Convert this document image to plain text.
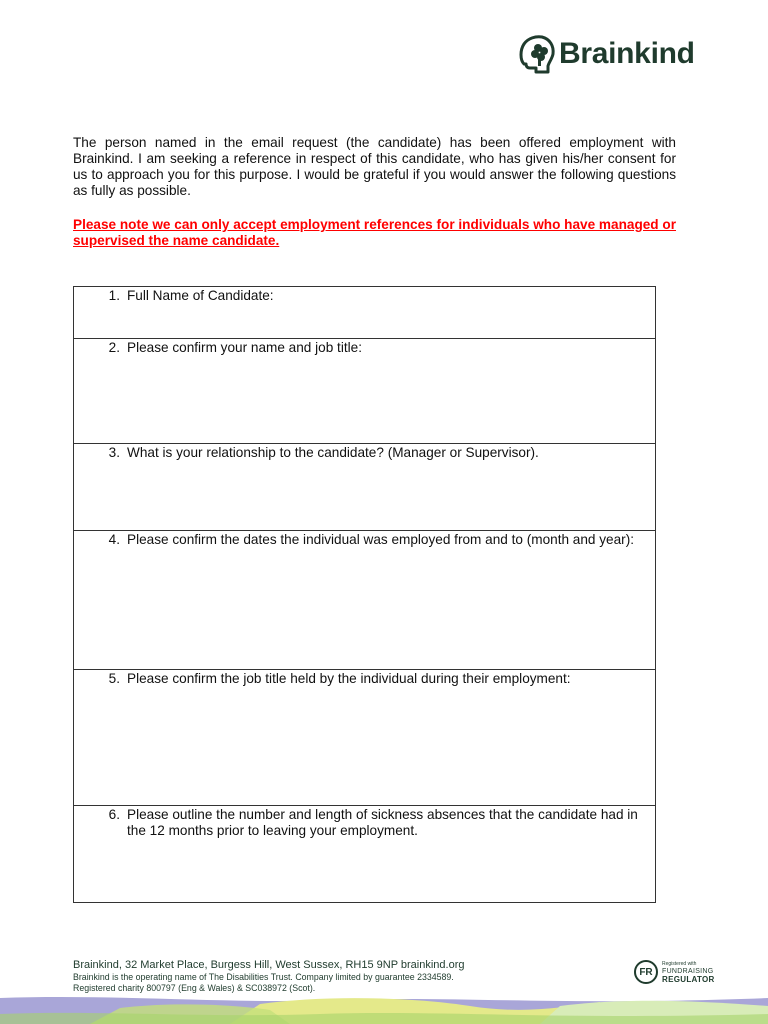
Brainkind

The person named in the email request (the candidate) has been offered employment with Brainkind. I am seeking a reference in respect of this candidate, who has given his/her consent for us to approach you for this purpose. I would be grateful if you would answer the following questions as fully as possible.

Please note we can only accept employment references for individuals who have managed or supervised the name candidate.

1. Full Name of Candidate:

2. Please confirm your name and job title:

3. What is your relationship to the candidate? (Manager or Supervisor).

4. Please confirm the dates the individual was employed from and to (month and year):

5. Please confirm the job title held by the individual during their employment:

6. Please outline the number and length of sickness absences that the candidate had in the 12 months prior to leaving your employment.
Brainkind, 32 Market Place, Burgess Hill, West Sussex, RH15 9NP brainkind.org
Brainkind is the operating name of The Disabilities Trust. Company limited by guarantee 2334589.
Registered charity 800797 (Eng & Wales) & SC038972 (Scot).
FR
Registered with
FUNDRAISING
REGULATOR
